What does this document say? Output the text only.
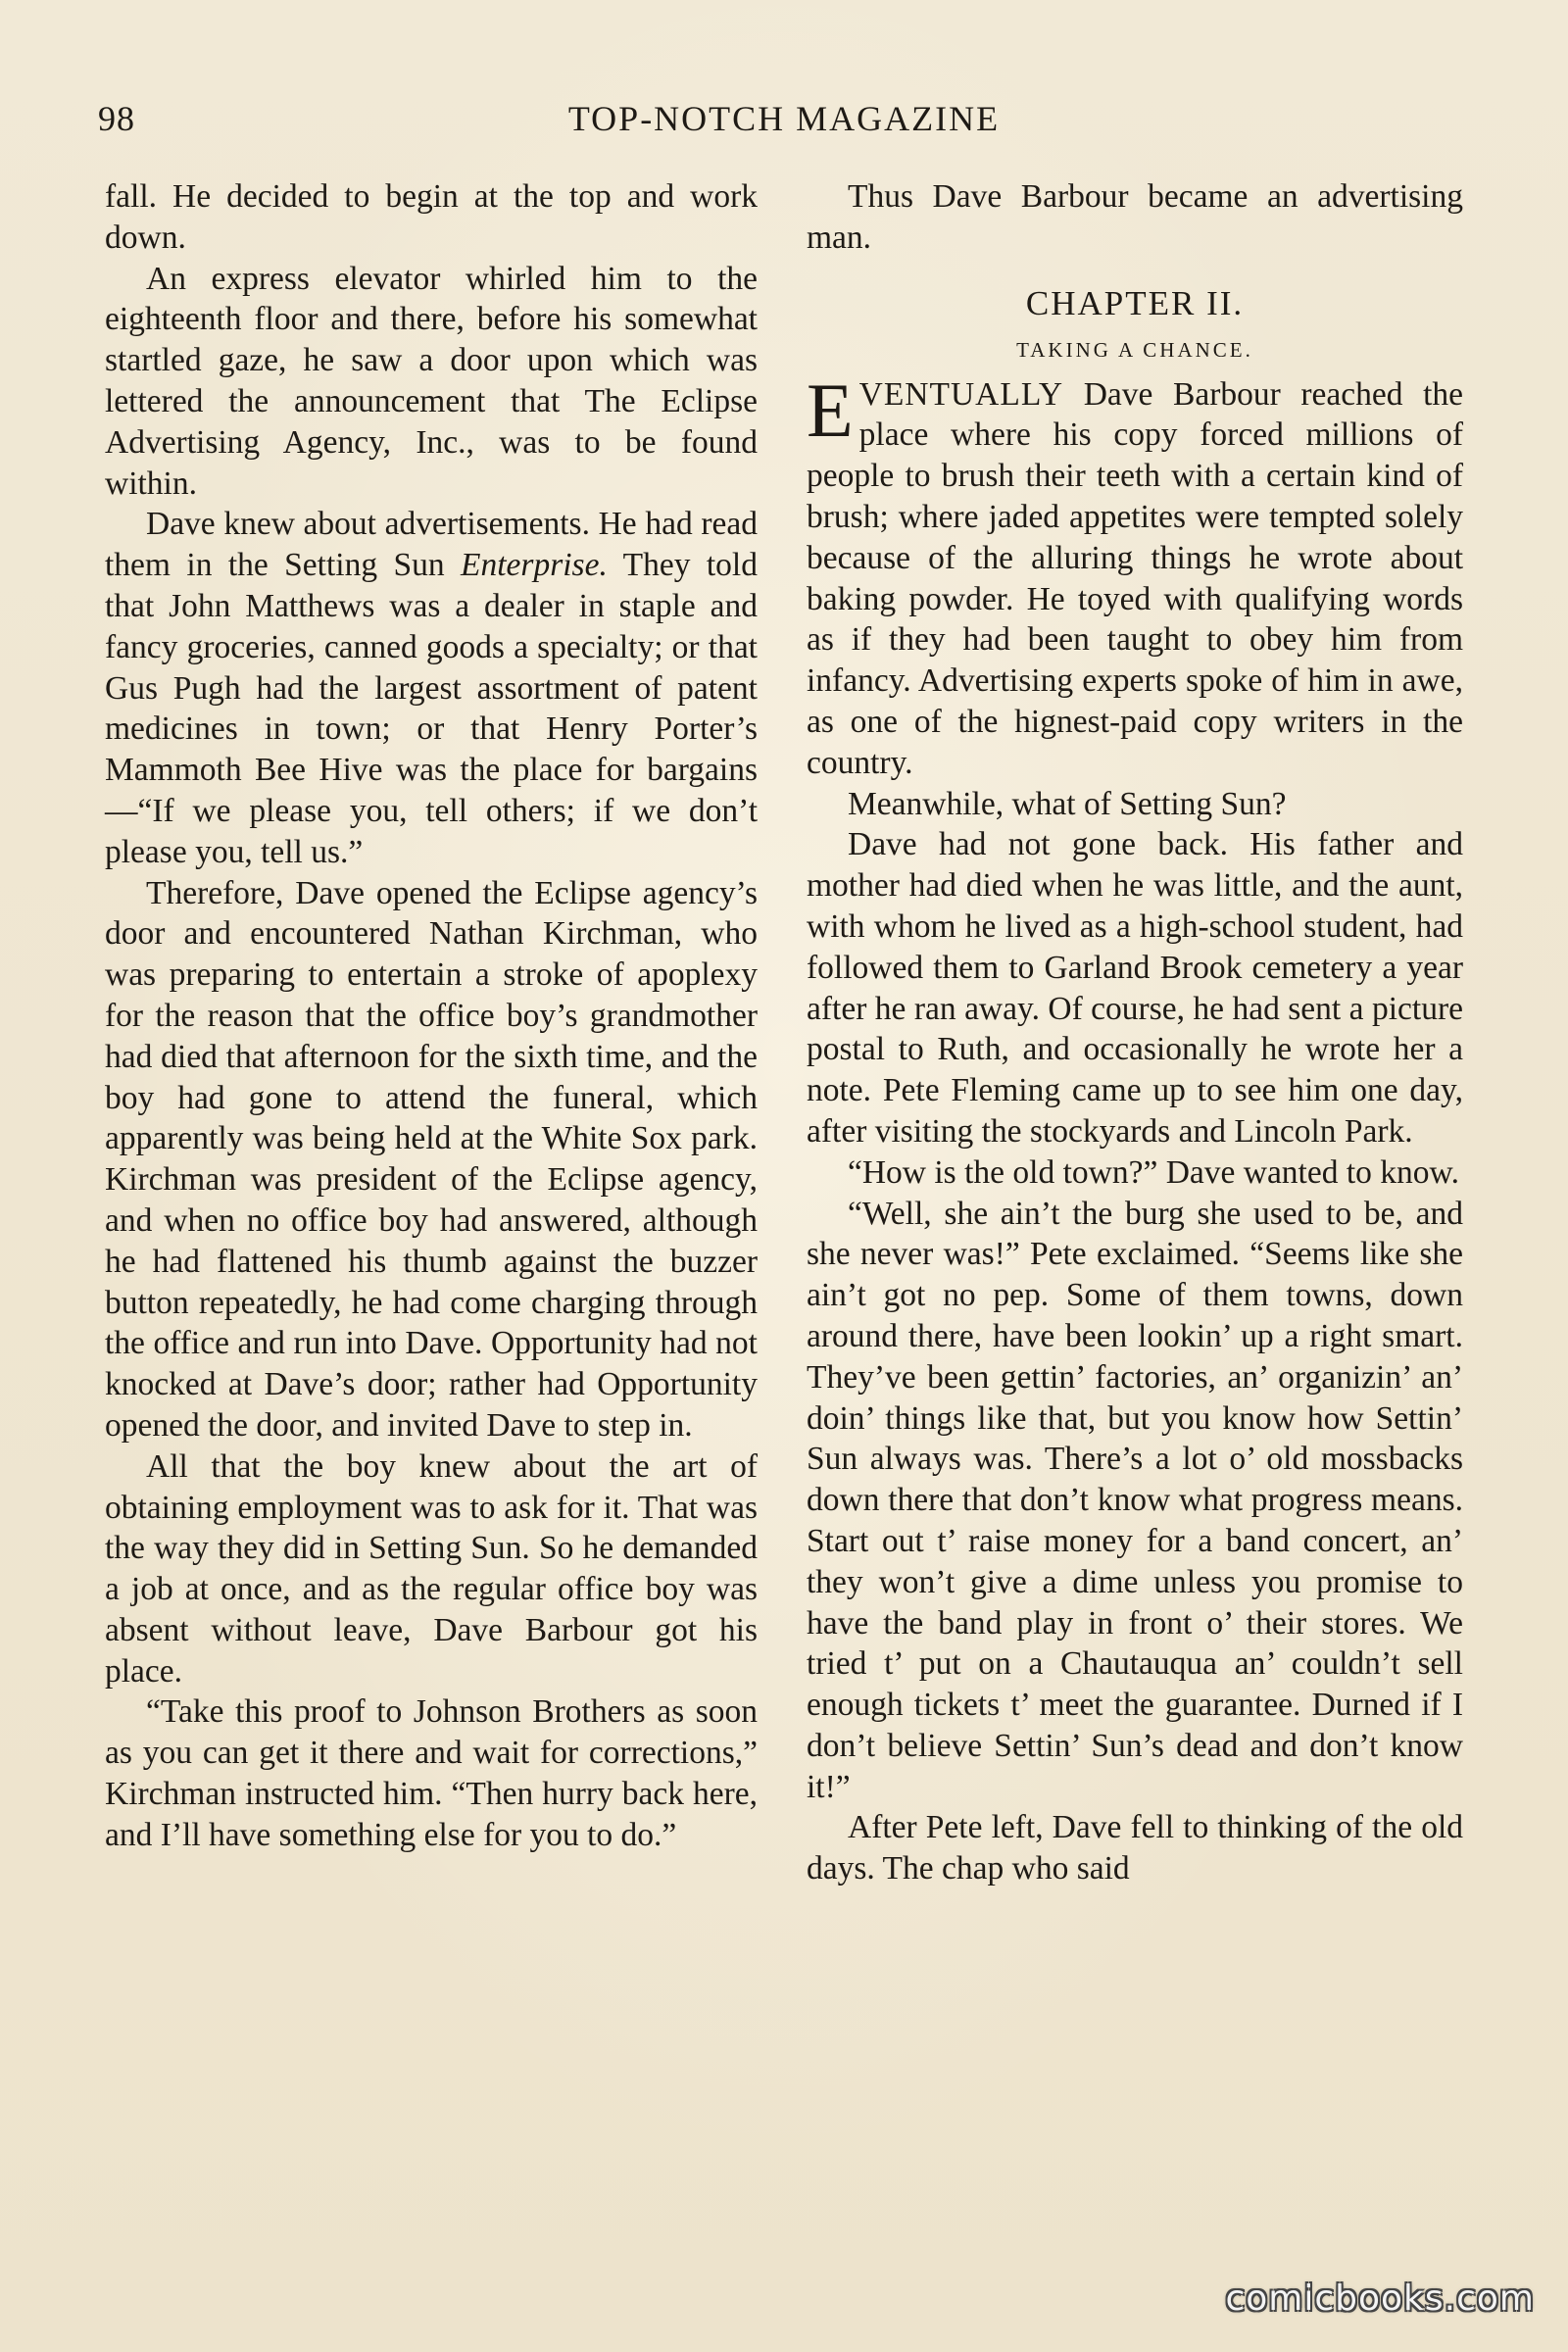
98	TOP-NOTCH MAGAZINE

fall. He decided to begin at the top and work down.

An express elevator whirled him to the eighteenth floor and there, before his somewhat startled gaze, he saw a door upon which was lettered the announcement that The Eclipse Advertising Agency, Inc., was to be found within.

Dave knew about advertisements. He had read them in the Setting Sun Enterprise. They told that John Matthews was a dealer in staple and fancy groceries, canned goods a specialty; or that Gus Pugh had the largest assortment of patent medicines in town; or that Henry Porter’s Mammoth Bee Hive was the place for bargains—“If we please you, tell others; if we don’t please you, tell us.”

Therefore, Dave opened the Eclipse agency’s door and encountered Nathan Kirchman, who was preparing to entertain a stroke of apoplexy for the reason that the office boy’s grandmother had died that afternoon for the sixth time, and the boy had gone to attend the funeral, which apparently was being held at the White Sox park. Kirchman was president of the Eclipse agency, and when no office boy had answered, although he had flattened his thumb against the buzzer button repeatedly, he had come charging through the office and run into Dave. Opportunity had not knocked at Dave’s door; rather had Opportunity opened the door, and invited Dave to step in.

All that the boy knew about the art of obtaining employment was to ask for it. That was the way they did in Setting Sun. So he demanded a job at once, and as the regular office boy was absent without leave, Dave Barbour got his place.

“Take this proof to Johnson Brothers as soon as you can get it there and wait for corrections,” Kirchman instructed him. “Then hurry back here, and I’ll have something else for you to do.”

Thus Dave Barbour became an advertising man.

CHAPTER II.
TAKING A CHANCE.

EVENTUALLY Dave Barbour reached the place where his copy forced millions of people to brush their teeth with a certain kind of brush; where jaded appetites were tempted solely because of the alluring things he wrote about baking powder. He toyed with qualifying words as if they had been taught to obey him from infancy. Advertising experts spoke of him in awe, as one of the hignest-paid copy writers in the country.

Meanwhile, what of Setting Sun?

Dave had not gone back. His father and mother had died when he was little, and the aunt, with whom he lived as a high-school student, had followed them to Garland Brook cemetery a year after he ran away. Of course, he had sent a picture postal to Ruth, and occasionally he wrote her a note. Pete Fleming came up to see him one day, after visiting the stockyards and Lincoln Park.

“How is the old town?” Dave wanted to know.

“Well, she ain’t the burg she used to be, and she never was!” Pete exclaimed. “Seems like she ain’t got no pep. Some of them towns, down around there, have been lookin’ up a right smart. They’ve been gettin’ factories, an’ organizin’ an’ doin’ things like that, but you know how Settin’ Sun always was. There’s a lot o’ old mossbacks down there that don’t know what progress means. Start out t’ raise money for a band concert, an’ they won’t give a dime unless you promise to have the band play in front o’ their stores. We tried t’ put on a Chautauqua an’ couldn’t sell enough tickets t’ meet the guarantee. Durned if I don’t believe Settin’ Sun’s dead and don’t know it!”

After Pete left, Dave fell to thinking of the old days. The chap who said

comicbooks.com
